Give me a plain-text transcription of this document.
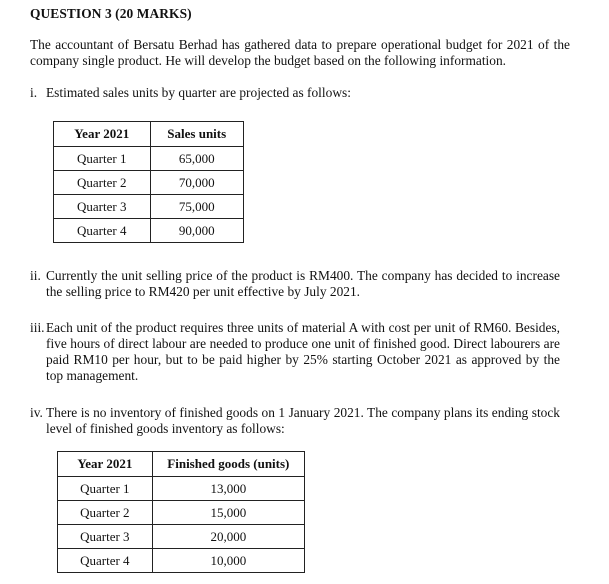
QUESTION 3 (20 MARKS)
The accountant of Bersatu Berhad has gathered data to prepare operational budget for 2021 of the company single product. He will develop the budget based on the following information.
i. Estimated sales units by quarter are projected as follows:
Year 2021	Sales units
Quarter 1	65,000
Quarter 2	70,000
Quarter 3	75,000
Quarter 4	90,000
ii. Currently the unit selling price of the product is RM400. The company has decided to increase the selling price to RM420 per unit effective by July 2021.
iii. Each unit of the product requires three units of material A with cost per unit of RM60. Besides, five hours of direct labour are needed to produce one unit of finished good. Direct labourers are paid RM10 per hour, but to be paid higher by 25% starting October 2021 as approved by the top management.
iv. There is no inventory of finished goods on 1 January 2021. The company plans its ending stock level of finished goods inventory as follows:
Year 2021	Finished goods (units)
Quarter 1	13,000
Quarter 2	15,000
Quarter 3	20,000
Quarter 4	10,000
